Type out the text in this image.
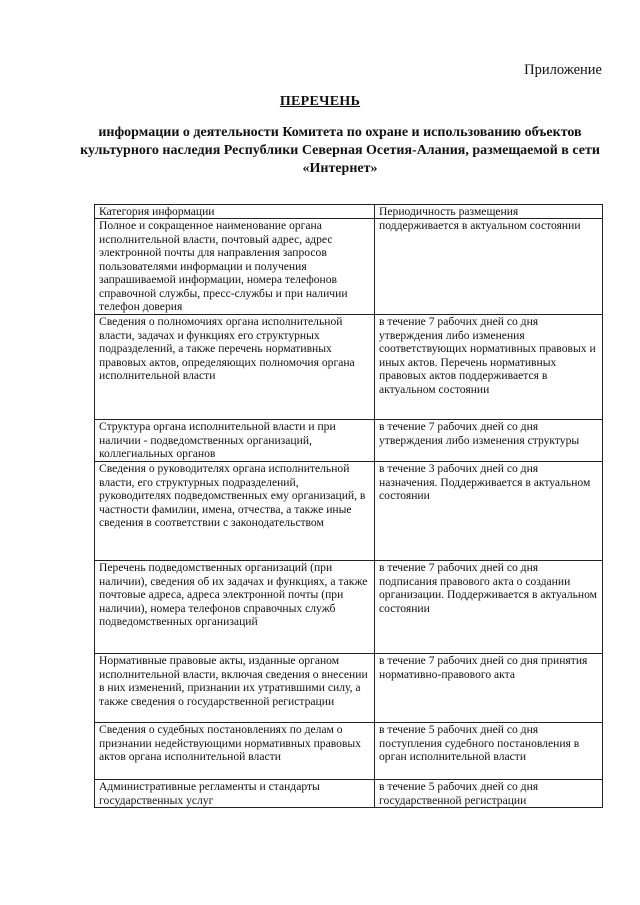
Приложение
ПЕРЕЧЕНЬ
информации о деятельности Комитета по охране и использованию объектов культурного наследия Республики Северная Осетия-Алания, размещаемой в сети «Интернет»
Категория информации	Периодичность размещения
Полное и сокращенное наименование органа исполнительной власти, почтовый адрес, адрес электронной почты для направления запросов пользователями информации и получения запрашиваемой информации, номера телефонов справочной службы, пресс-службы и при наличии телефон доверия	поддерживается в актуальном состоянии
Сведения о полномочиях органа исполнительной власти, задачах и функциях его структурных подразделений, а также перечень нормативных правовых актов, определяющих полномочия органа исполнительной власти	в течение 7 рабочих дней со дня утверждения либо изменения соответствующих нормативных правовых и иных актов. Перечень нормативных правовых актов поддерживается в актуальном состоянии
Структура органа исполнительной власти и при наличии - подведомственных организаций, коллегиальных органов	в течение 7 рабочих дней со дня утверждения либо изменения структуры
Сведения о руководителях органа исполнительной власти, его структурных подразделений, руководителях подведомственных ему организаций, в частности фамилии, имена, отчества, а также иные сведения в соответствии с законодательством	в течение 3 рабочих дней со дня назначения. Поддерживается в актуальном состоянии
Перечень подведомственных организаций (при наличии), сведения об их задачах и функциях, а также почтовые адреса, адреса электронной почты (при наличии), номера телефонов справочных служб подведомственных организаций	в течение 7 рабочих дней со дня подписания правового акта о создании организации. Поддерживается в актуальном состоянии
Нормативные правовые акты, изданные органом исполнительной власти, включая сведения о внесении в них изменений, признании их утратившими силу, а также сведения о государственной регистрации	в течение 7 рабочих дней со дня принятия нормативно-правового акта
Сведения о судебных постановлениях по делам о признании недействующими нормативных правовых актов органа исполнительной власти	в течение 5 рабочих дней со дня поступления судебного постановления в орган исполнительной власти
Административные регламенты и стандарты государственных услуг	в течение 5 рабочих дней со дня государственной регистрации
